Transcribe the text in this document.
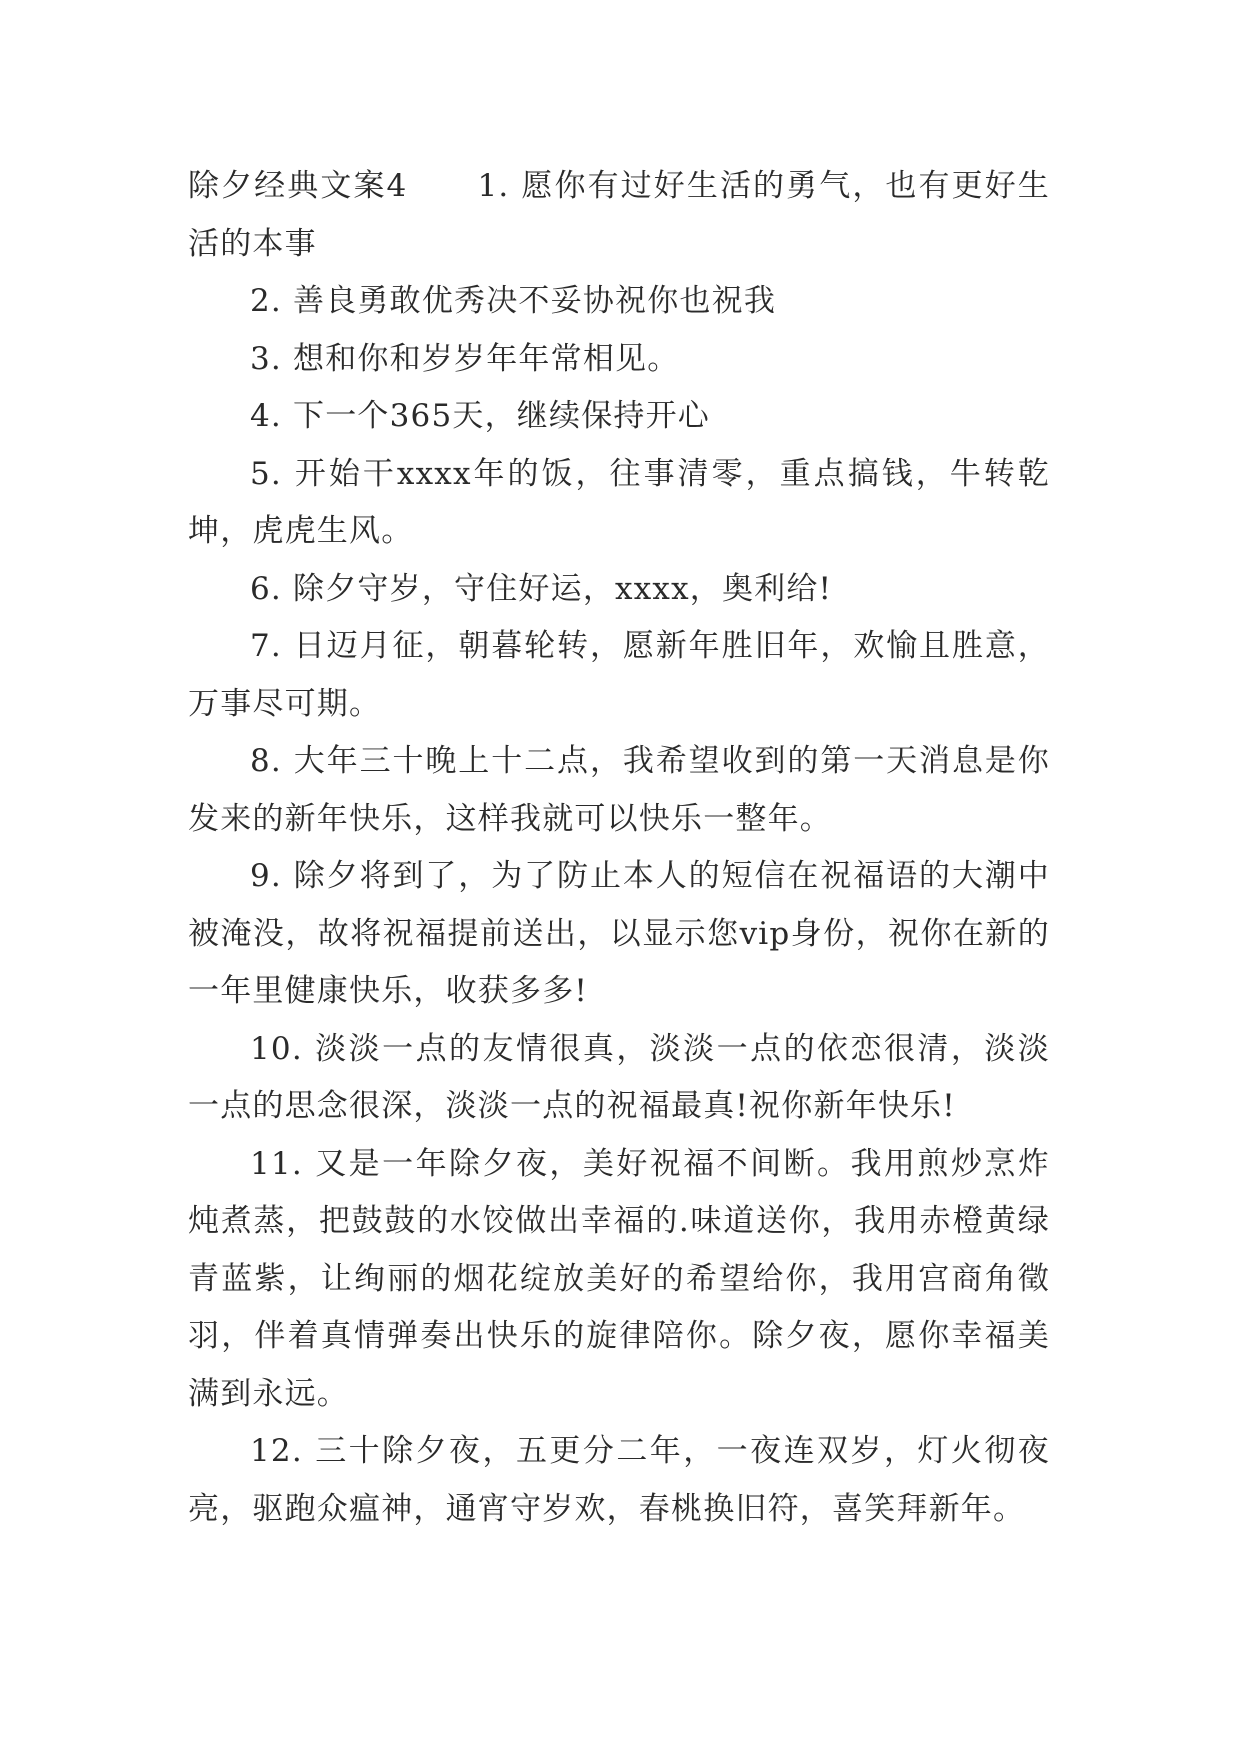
除夕经典文案4 1. 愿你有过好生活的勇气，也有更好生活的本事

2. 善良勇敢优秀决不妥协祝你也祝我

3. 想和你和岁岁年年常相见。

4. 下一个365天，继续保持开心

5. 开始干xxxx年的饭，往事清零，重点搞钱，牛转乾坤，虎虎生风。

6. 除夕守岁，守住好运，xxxx，奥利给!

7. 日迈月征，朝暮轮转，愿新年胜旧年，欢愉且胜意，万事尽可期。

8. 大年三十晚上十二点，我希望收到的第一天消息是你发来的新年快乐，这样我就可以快乐一整年。

9. 除夕将到了，为了防止本人的短信在祝福语的大潮中被淹没，故将祝福提前送出，以显示您vip身份，祝你在新的一年里健康快乐，收获多多!

10. 淡淡一点的友情很真，淡淡一点的依恋很清，淡淡一点的思念很深，淡淡一点的祝福最真!祝你新年快乐!

11. 又是一年除夕夜，美好祝福不间断。我用煎炒烹炸炖煮蒸，把鼓鼓的水饺做出幸福的.味道送你，我用赤橙黄绿青蓝紫，让绚丽的烟花绽放美好的希望给你，我用宫商角徵羽，伴着真情弹奏出快乐的旋律陪你。除夕夜，愿你幸福美满到永远。

12. 三十除夕夜，五更分二年，一夜连双岁，灯火彻夜亮，驱跑众瘟神，通宵守岁欢，春桃换旧符，喜笑拜新年。
